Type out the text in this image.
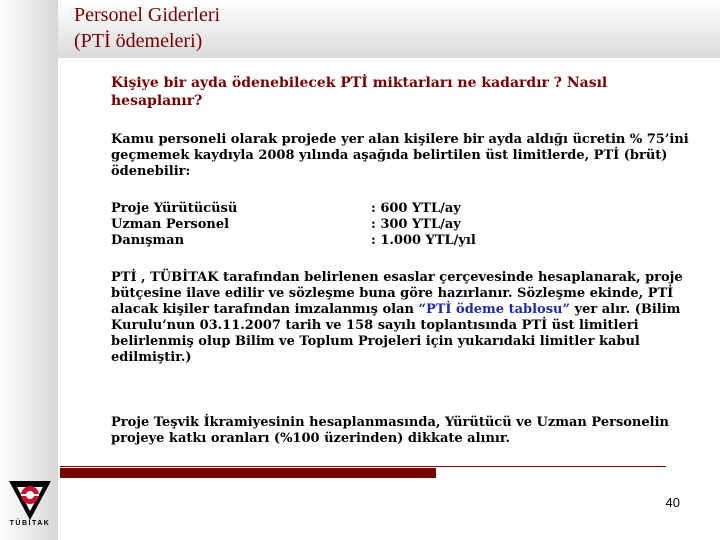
Personel Giderleri
(PTİ ödemeleri)

Kişiye bir ayda ödenebilecek PTİ miktarları ne kadardır ? Nasıl hesaplanır?

Kamu personeli olarak projede yer alan kişilere bir ayda aldığı ücretin % 75’ini geçmemek kaydıyla 2008 yılında aşağıda belirtilen üst limitlerde, PTİ (brüt) ödenebilir:

Proje Yürütücüsü	: 600 YTL/ay
Uzman Personel	: 300 YTL/ay
Danışman	: 1.000 YTL/yıl

PTİ , TÜBİTAK tarafından belirlenen esaslar çerçevesinde hesaplanarak, proje bütçesine ilave edilir ve sözleşme buna göre hazırlanır. Sözleşme ekinde, PTİ alacak kişiler tarafından imzalanmış olan “PTİ ödeme tablosu” yer alır. (Bilim Kurulu’nun 03.11.2007 tarih ve 158 sayılı toplantısında PTİ üst limitleri belirlenmiş olup Bilim ve Toplum Projeleri için yukarıdaki limitler kabul edilmiştir.)

Proje Teşvik İkramiyesinin hesaplanmasında, Yürütücü ve Uzman Personelin projeye katkı oranları (%100 üzerinden) dikkate alınır.

40
TÜBİTAK
